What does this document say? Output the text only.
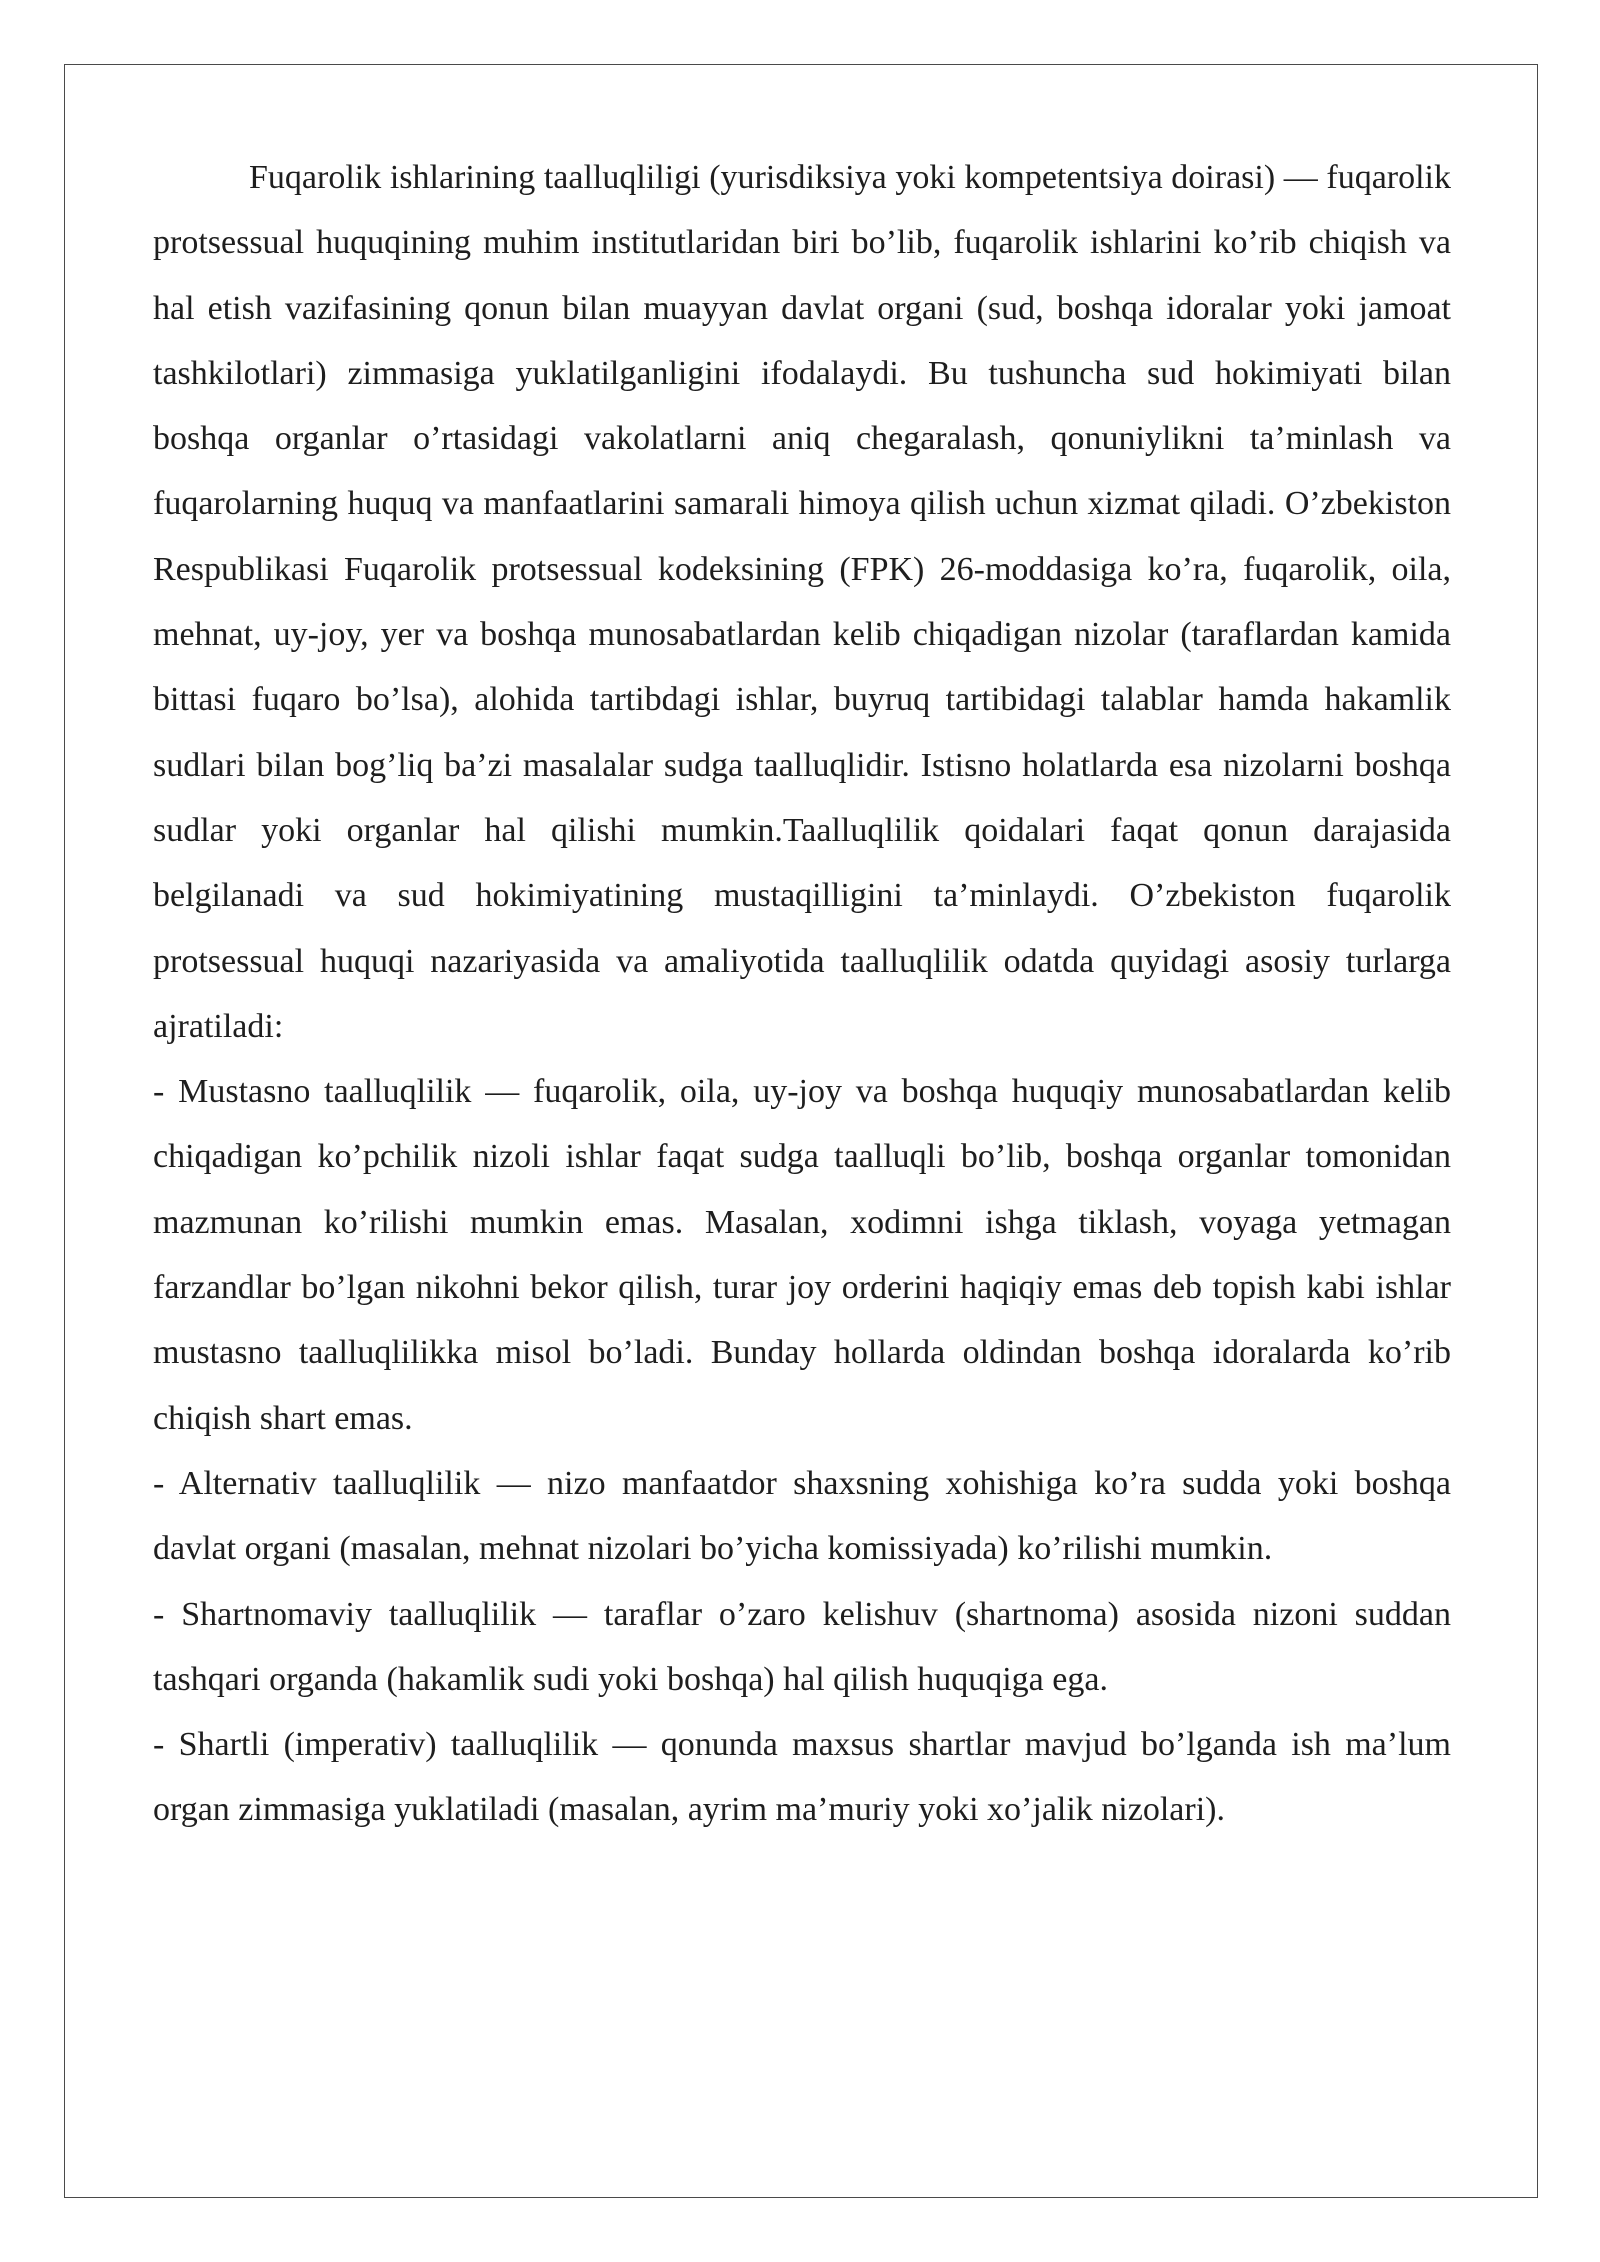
Fuqarolik ishlarining taalluqliligi (yurisdiksiya yoki kompetentsiya doirasi) — fuqarolik protsessual huquqining muhim institutlaridan biri bo’lib, fuqarolik ishlarini ko’rib chiqish va hal etish vazifasining qonun bilan muayyan davlat organi (sud, boshqa idoralar yoki jamoat tashkilotlari) zimmasiga yuklatilganligini ifodalaydi. Bu tushuncha sud hokimiyati bilan boshqa organlar o’rtasidagi vakolatlarni aniq chegaralash, qonuniylikni ta’minlash va fuqarolarning huquq va manfaatlarini samarali himoya qilish uchun xizmat qiladi. O’zbekiston Respublikasi Fuqarolik protsessual kodeksining (FPK) 26-moddasiga ko’ra, fuqarolik, oila, mehnat, uy-joy, yer va boshqa munosabatlardan kelib chiqadigan nizolar (taraflardan kamida bittasi fuqaro bo’lsa), alohida tartibdagi ishlar, buyruq tartibidagi talablar hamda hakamlik sudlari bilan bog’liq ba’zi masalalar sudga taalluqlidir. Istisno holatlarda esa nizolarni boshqa sudlar yoki organlar hal qilishi mumkin.Taalluqlilik qoidalari faqat qonun darajasida belgilanadi va sud hokimiyatining mustaqilligini ta’minlaydi. O’zbekiston fuqarolik protsessual huquqi nazariyasida va amaliyotida taalluqlilik odatda quyidagi asosiy turlarga ajratiladi:

- Mustasno taalluqlilik — fuqarolik, oila, uy-joy va boshqa huquqiy munosabatlardan kelib chiqadigan ko’pchilik nizoli ishlar faqat sudga taalluqli bo’lib, boshqa organlar tomonidan mazmunan ko’rilishi mumkin emas. Masalan, xodimni ishga tiklash, voyaga yetmagan farzandlar bo’lgan nikohni bekor qilish, turar joy orderini haqiqiy emas deb topish kabi ishlar mustasno taalluqlilikka misol bo’ladi. Bunday hollarda oldindan boshqa idoralarda ko’rib chiqish shart emas.

- Alternativ taalluqlilik — nizo manfaatdor shaxsning xohishiga ko’ra sudda yoki boshqa davlat organi (masalan, mehnat nizolari bo’yicha komissiyada) ko’rilishi mumkin.

- Shartnomaviy taalluqlilik — taraflar o’zaro kelishuv (shartnoma) asosida nizoni suddan tashqari organda (hakamlik sudi yoki boshqa) hal qilish huquqiga ega.

- Shartli (imperativ) taalluqlilik — qonunda maxsus shartlar mavjud bo’lganda ish ma’lum organ zimmasiga yuklatiladi (masalan, ayrim ma’muriy yoki xo’jalik nizolari).
